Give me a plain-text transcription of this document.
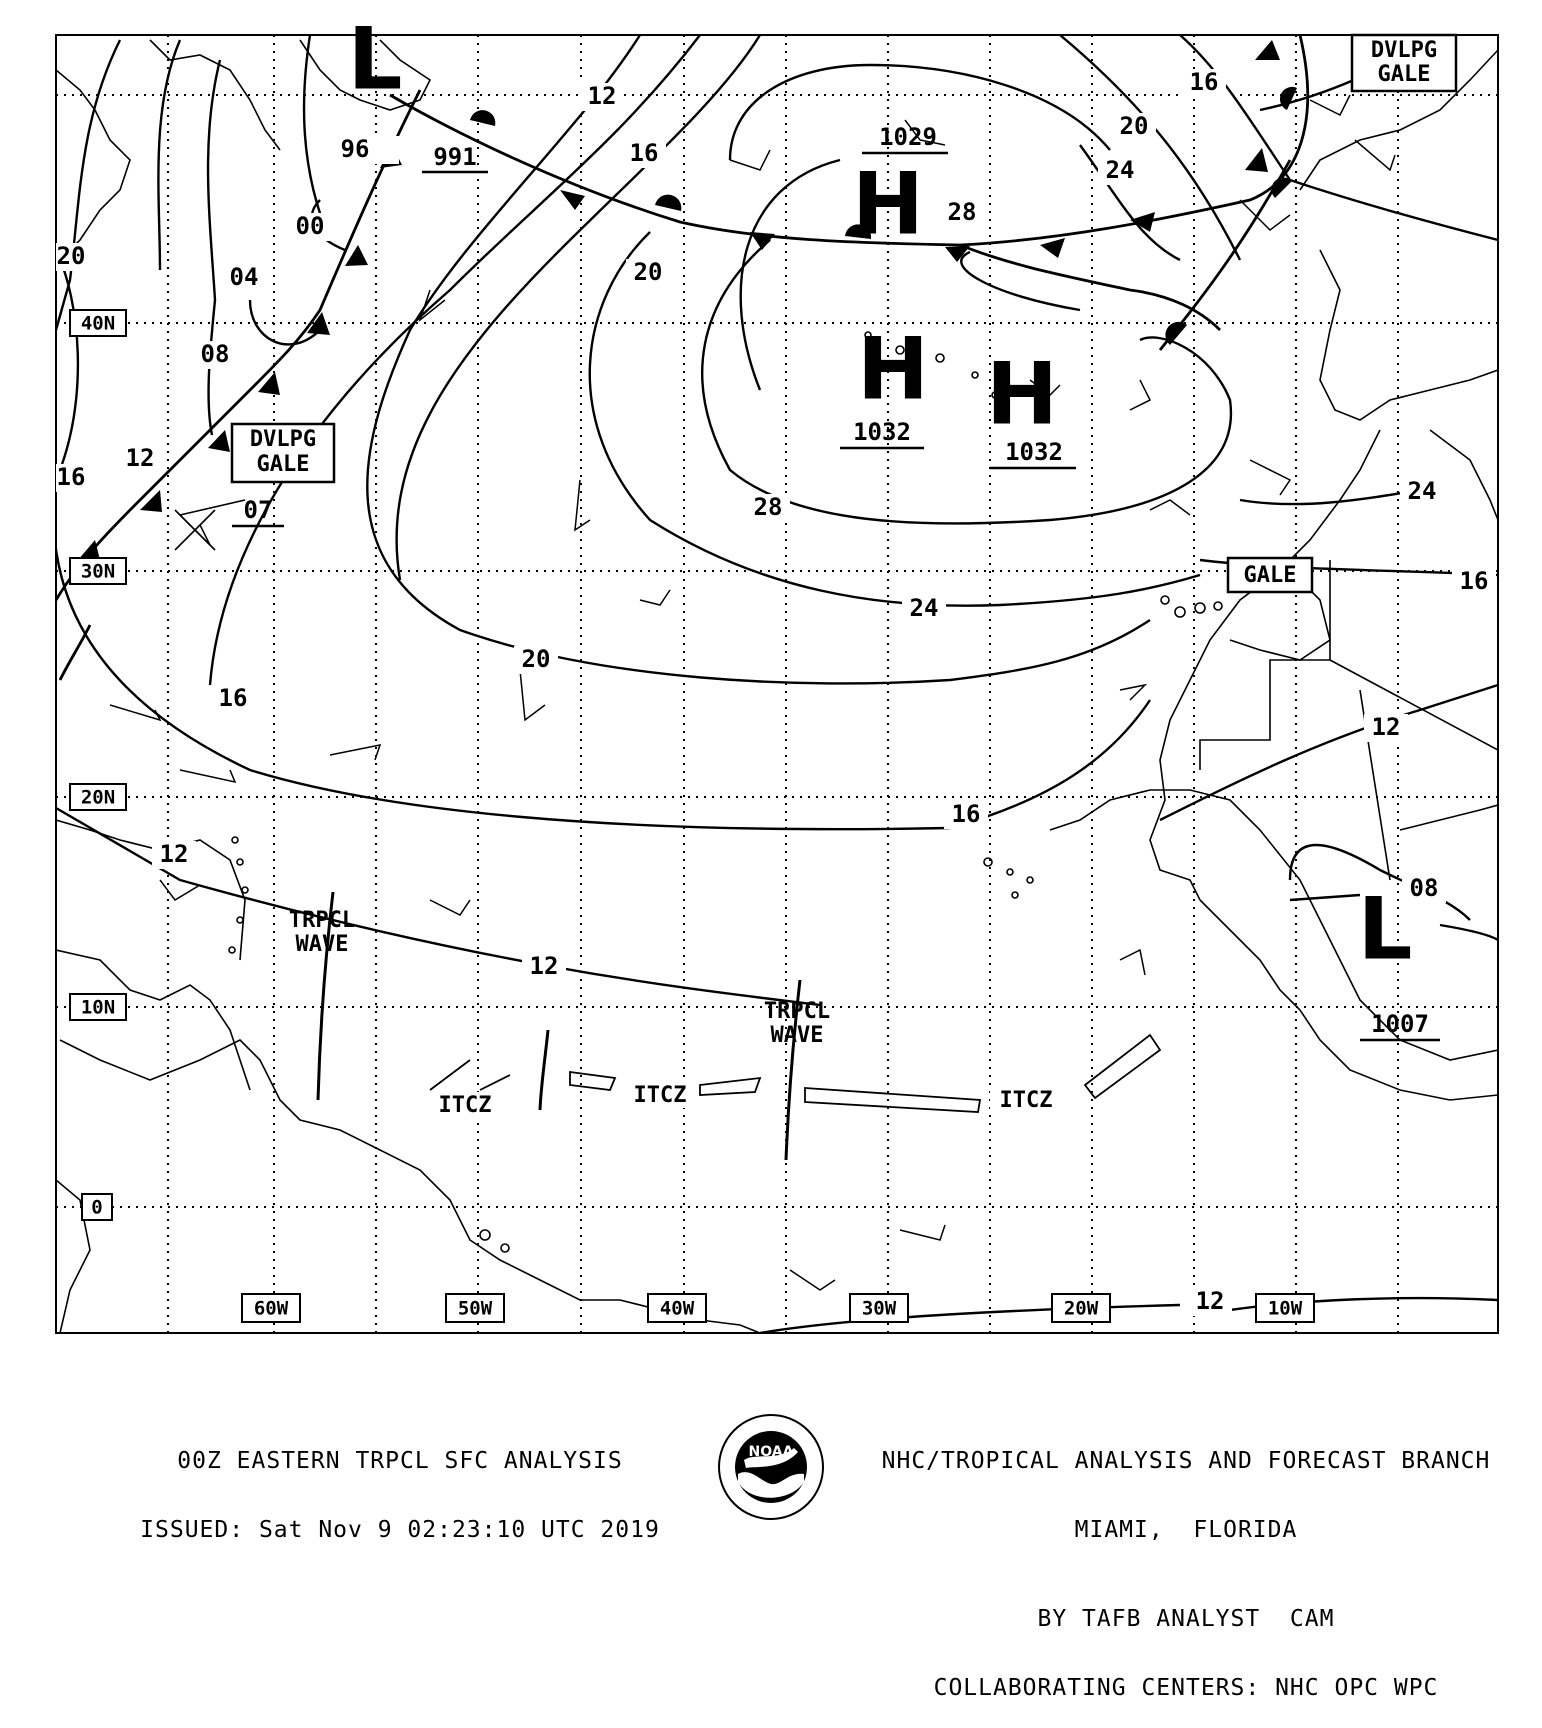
40N
30N
20N
10N
0
60W	50W	40W	30W	20W	10W
12
16
20
24
96
00
04
08
12
16
20
28
28
24
20
16
12
12
16
20
24
16
12
08
12
16
L
991	H
1029
H
1032 H
1032
07
L
1007
DVLPG
GALE
DVLPG
GALE
GALE
TRPCL
WAVE
TRPCL
WAVE
ITCZ	ITCZ	ITCZ
NOAA

00Z EASTERN TRPCL SFC ANALYSIS

ISSUED: Sat Nov 9 02:23:10 UTC 2019

NHC/TROPICAL ANALYSIS AND FORECAST BRANCH

MIAMI,  FLORIDA

BY TAFB ANALYST  CAM

COLLABORATING CENTERS: NHC OPC WPC
